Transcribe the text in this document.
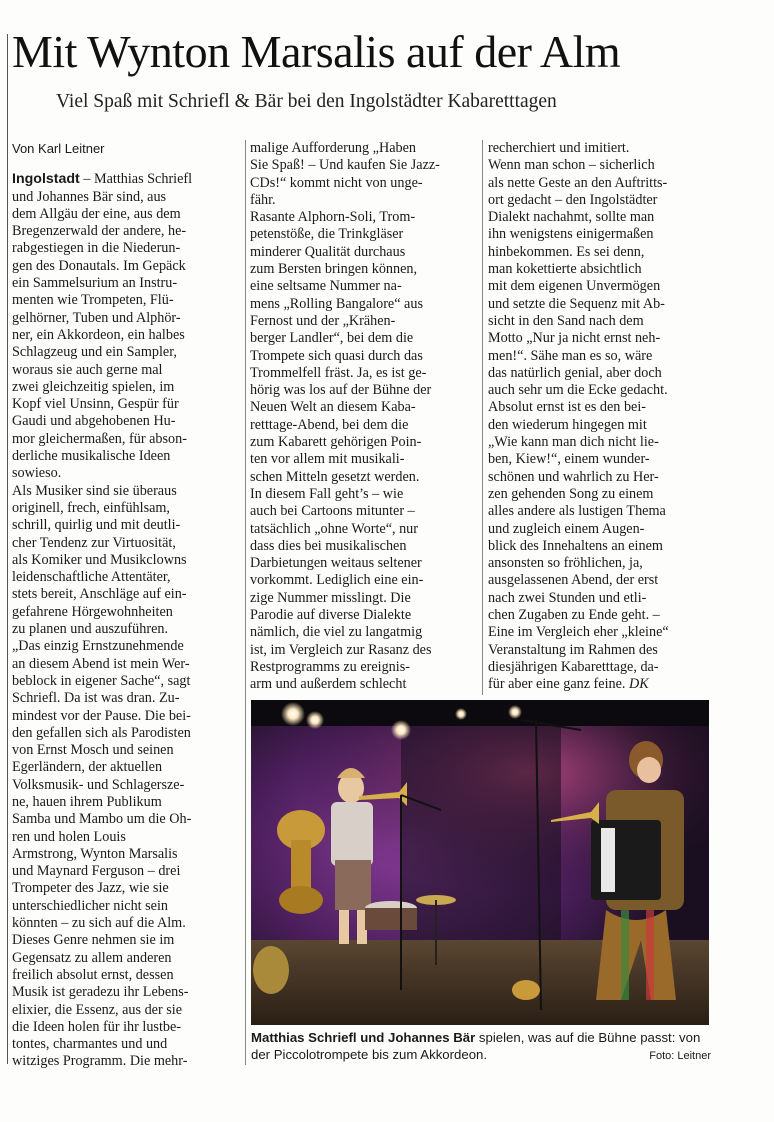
Mit Wynton Marsalis auf der Alm

Viel Spaß mit Schriefl & Bär bei den Ingolstädter Kabaretttagen

Von Karl Leitner

Ingolstadt – Matthias Schriefl
und Johannes Bär sind, aus
dem Allgäu der eine, aus dem
Bregenzerwald der andere, he-
rabgestiegen in die Niederun-
gen des Donautals. Im Gepäck
ein Sammelsurium an Instru-
menten wie Trompeten, Flü-
gelhörner, Tuben und Alphör-
ner, ein Akkordeon, ein halbes
Schlagzeug und ein Sampler,
woraus sie auch gerne mal
zwei gleichzeitig spielen, im
Kopf viel Unsinn, Gespür für
Gaudi und abgehobenen Hu-
mor gleichermaßen, für abson-
derliche musikalische Ideen
sowieso.

Als Musiker sind sie überaus
originell, frech, einfühlsam,
schrill, quirlig und mit deutli-
cher Tendenz zur Virtuosität,
als Komiker und Musikclowns
leidenschaftliche Attentäter,
stets bereit, Anschläge auf ein-
gefahrene Hörgewohnheiten
zu planen und auszuführen.
„Das einzig Ernstzunehmende
an diesem Abend ist mein Wer-
beblock in eigener Sache“, sagt
Schriefl. Da ist was dran. Zu-
mindest vor der Pause. Die bei-
den gefallen sich als Parodisten
von Ernst Mosch und seinen
Egerländern, der aktuellen
Volksmusik- und Schlagersze-
ne, hauen ihrem Publikum
Samba und Mambo um die Oh-
ren und holen Louis
Armstrong, Wynton Marsalis
und Maynard Ferguson – drei
Trompeter des Jazz, wie sie
unterschiedlicher nicht sein
könnten – zu sich auf die Alm.
Dieses Genre nehmen sie im
Gegensatz zu allem anderen
freilich absolut ernst, dessen
Musik ist geradezu ihr Lebens-
elixier, die Essenz, aus der sie
die Ideen holen für ihr lustbe-
tontes, charmantes und und
witziges Programm. Die mehr-

malige Aufforderung „Haben
Sie Spaß! – Und kaufen Sie Jazz-
CDs!“ kommt nicht von unge-
fähr.

Rasante Alphorn-Soli, Trom-
petenstöße, die Trinkgläser
minderer Qualität durchaus
zum Bersten bringen können,
eine seltsame Nummer na-
mens „Rolling Bangalore“ aus
Fernost und der „Krähen-
berger Landler“, bei dem die
Trompete sich quasi durch das
Trommelfell fräst. Ja, es ist ge-
hörig was los auf der Bühne der
Neuen Welt an diesem Kaba-
retttage-Abend, bei dem die
zum Kabarett gehörigen Poin-
ten vor allem mit musikali-
schen Mitteln gesetzt werden.

In diesem Fall geht’s – wie
auch bei Cartoons mitunter –
tatsächlich „ohne Worte“, nur
dass dies bei musikalischen
Darbietungen weitaus seltener
vorkommt. Lediglich eine ein-
zige Nummer misslingt. Die
Parodie auf diverse Dialekte
nämlich, die viel zu langatmig
ist, im Vergleich zur Rasanz des
Restprogramms zu ereignis-
arm und außerdem schlecht

recherchiert und imitiert.
Wenn man schon – sicherlich
als nette Geste an den Auftritts-
ort gedacht – den Ingolstädter
Dialekt nachahmt, sollte man
ihn wenigstens einigermaßen
hinbekommen. Es sei denn,
man kokettierte absichtlich
mit dem eigenen Unvermögen
und setzte die Sequenz mit Ab-
sicht in den Sand nach dem
Motto „Nur ja nicht ernst neh-
men!“. Sähe man es so, wäre
das natürlich genial, aber doch
auch sehr um die Ecke gedacht.

Absolut ernst ist es den bei-
den wiederum hingegen mit
„Wie kann man dich nicht lie-
ben, Kiew!“, einem wunder-
schönen und wahrlich zu Her-
zen gehenden Song zu einem
alles andere als lustigen Thema
und zugleich einem Augen-
blick des Innehaltens an einem
ansonsten so fröhlichen, ja,
ausgelassenen Abend, der erst
nach zwei Stunden und etli-
chen Zugaben zu Ende geht. –
Eine im Vergleich eher „kleine“
Veranstaltung im Rahmen des
diesjährigen Kabaretttage, da-
für aber eine ganz feine. DK

Matthias Schriefl und Johannes Bär spielen, was auf die Bühne passt: von der Piccolotrompete bis zum Akkordeon.	Foto: Leitner
